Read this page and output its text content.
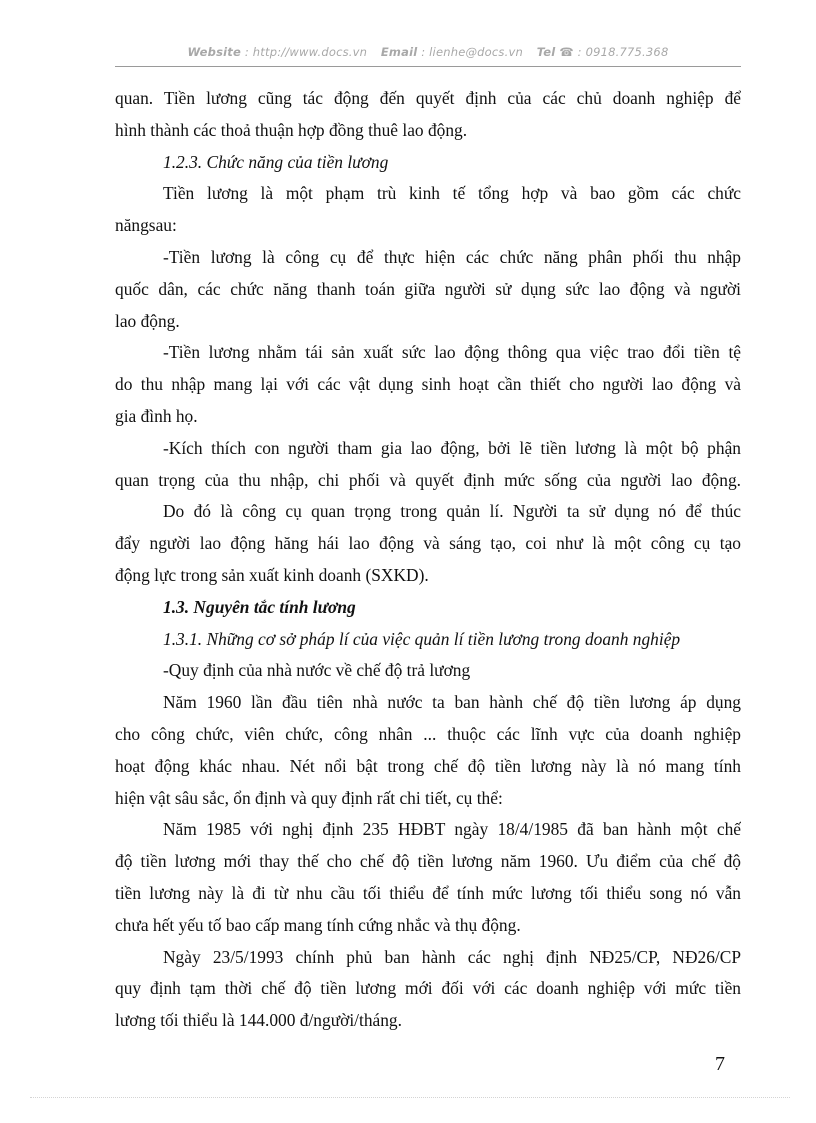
Website : http://www.docs.vn Email : lienhe@docs.vn Tel ☎ : 0918.775.368
quan. Tiền lương cũng tác động đến quyết định của các chủ doanh nghiệp để
hình thành các thoả thuận hợp đồng thuê lao động.
1.2.3. Chức năng của tiền lương
Tiền lương là một phạm trù kinh tế tổng hợp và bao gồm các chức
năngsau:
-Tiền lương là công cụ để thực hiện các chức năng phân phối thu nhập
quốc dân, các chức năng thanh toán giữa người sử dụng sức lao động và người
lao động.
-Tiền lương nhằm tái sản xuất sức lao động thông qua việc trao đổi tiền tệ
do thu nhập mang lại với các vật dụng sinh hoạt cần thiết cho người lao động và
gia đình họ.
-Kích thích con người tham gia lao động, bởi lẽ tiền lương là một bộ phận
quan trọng của thu nhập, chi phối và quyết định mức sống của người lao động.
Do đó là công cụ quan trọng trong quản lí. Người ta sử dụng nó để thúc
đẩy người lao động hăng hái lao động và sáng tạo, coi như là một công cụ tạo
động lực trong sản xuất kinh doanh (SXKD).
1.3. Nguyên tắc tính lương
1.3.1. Những cơ sở pháp lí của việc quản lí tiền lương trong doanh nghiệp
-Quy định của nhà nước về chế độ trả lương
Năm 1960 lần đầu tiên nhà nước ta ban hành chế độ tiền lương áp dụng
cho công chức, viên chức, công nhân ... thuộc các lĩnh vực của doanh nghiệp
hoạt động khác nhau. Nét nổi bật trong chế độ tiền lương này là nó mang tính
hiện vật sâu sắc, ổn định và quy định rất chi tiết, cụ thể:
Năm 1985 với nghị định 235 HĐBT ngày 18/4/1985 đã ban hành một chế
độ tiền lương mới thay thế cho chế độ tiền lương năm 1960. Ưu điểm của chế độ
tiền lương này là đi từ nhu cầu tối thiểu để tính mức lương tối thiểu song nó vẫn
chưa hết yếu tố bao cấp mang tính cứng nhắc và thụ động.
Ngày 23/5/1993 chính phủ ban hành các nghị định NĐ25/CP, NĐ26/CP
quy định tạm thời chế độ tiền lương mới đối với các doanh nghiệp với mức tiền
lương tối thiểu là 144.000 đ/người/tháng.
7
